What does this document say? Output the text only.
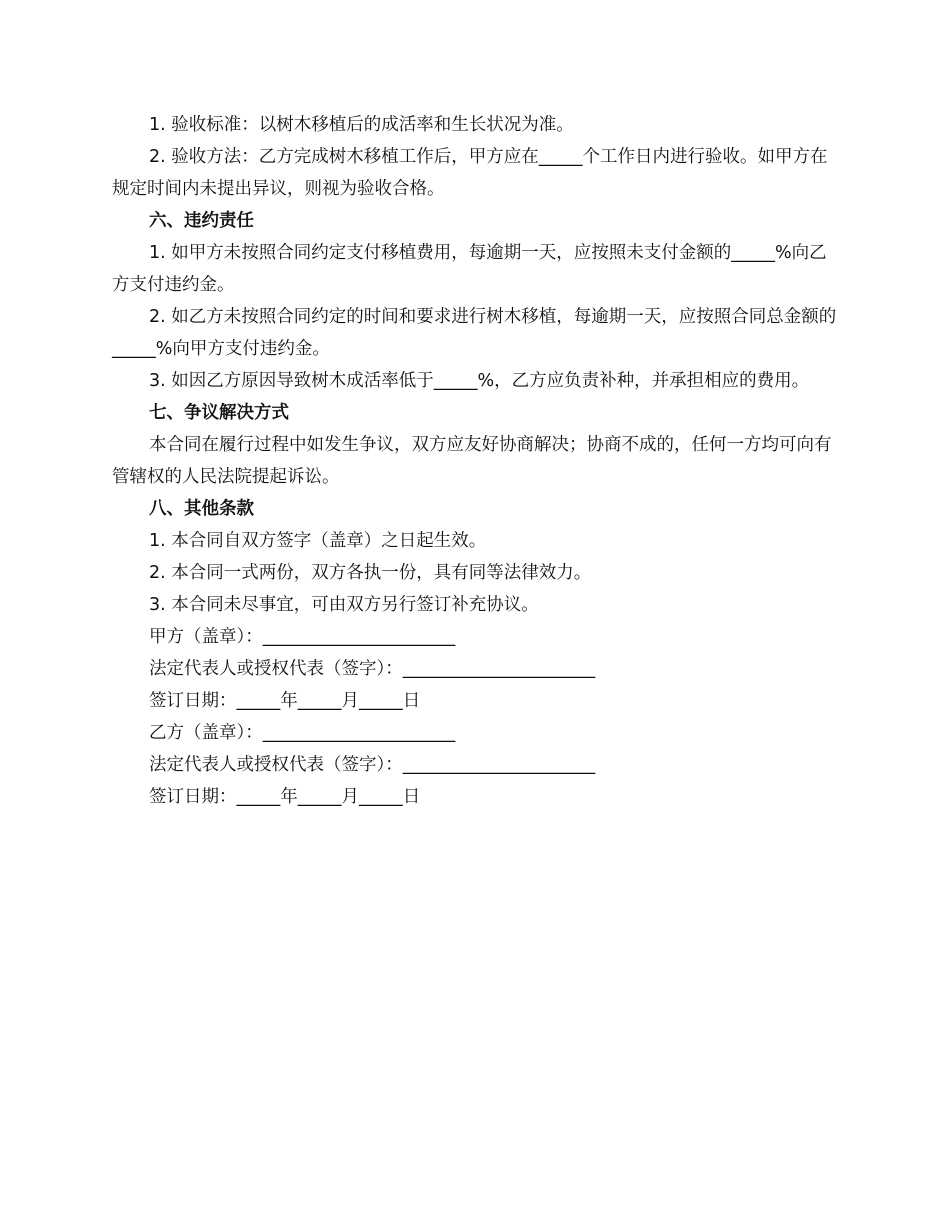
1. 验收标准：以树木移植后的成活率和生长状况为准。

2. 验收方法：乙方完成树木移植工作后，甲方应在_____个工作日内进行验收。如甲方在规定时间内未提出异议，则视为验收合格。

六、违约责任

1. 如甲方未按照合同约定支付移植费用，每逾期一天，应按照未支付金额的_____%向乙方支付违约金。

2. 如乙方未按照合同约定的时间和要求进行树木移植，每逾期一天，应按照合同总金额的_____%向甲方支付违约金。

3. 如因乙方原因导致树木成活率低于_____%，乙方应负责补种，并承担相应的费用。

七、争议解决方式

本合同在履行过程中如发生争议，双方应友好协商解决；协商不成的，任何一方均可向有管辖权的人民法院提起诉讼。

八、其他条款

1. 本合同自双方签字（盖章）之日起生效。

2. 本合同一式两份，双方各执一份，具有同等法律效力。

3. 本合同未尽事宜，可由双方另行签订补充协议。

甲方（盖章）：______________________

法定代表人或授权代表（签字）：______________________

签订日期：_____年_____月_____日

乙方（盖章）：______________________

法定代表人或授权代表（签字）：______________________

签订日期：_____年_____月_____日
